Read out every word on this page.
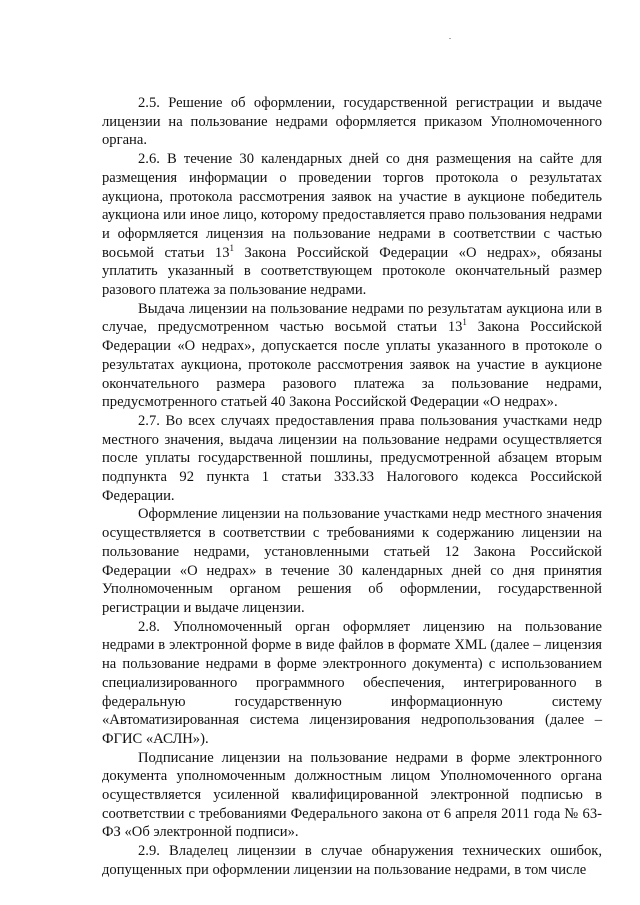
2.5. Решение об оформлении, государственной регистрации и выдаче лицензии на пользование недрами оформляется приказом Уполномоченного органа.

2.6. В течение 30 календарных дней со дня размещения на сайте для размещения информации о проведении торгов протокола о результатах аукциона, протокола рассмотрения заявок на участие в аукционе победитель аукциона или иное лицо, которому предоставляется право пользования недрами и оформляется лицензия на пользование недрами в соответствии с частью восьмой статьи $13^1$ Закона Российской Федерации «О недрах», обязаны уплатить указанный в соответствующем протоколе окончательный размер разового платежа за пользование недрами.

Выдача лицензии на пользование недрами по результатам аукциона или в случае, предусмотренном частью восьмой статьи $13^1$ Закона Российской Федерации «О недрах», допускается после уплаты указанного в протоколе о результатах аукциона, протоколе рассмотрения заявок на участие в аукционе окончательного размера разового платежа за пользование недрами, предусмотренного статьей 40 Закона Российской Федерации «О недрах».

2.7. Во всех случаях предоставления права пользования участками недр местного значения, выдача лицензии на пользование недрами осуществляется после уплаты государственной пошлины, предусмотренной абзацем вторым подпункта 92 пункта 1 статьи 333.33 Налогового кодекса Российской Федерации.

Оформление лицензии на пользование участками недр местного значения осуществляется в соответствии с требованиями к содержанию лицензии на пользование недрами, установленными статьей 12 Закона Российской Федерации «О недрах» в течение 30 календарных дней со дня принятия Уполномоченным органом решения об оформлении, государственной регистрации и выдаче лицензии.

2.8. Уполномоченный орган оформляет лицензию на пользование недрами в электронной форме в виде файлов в формате XML (далее – лицензия на пользование недрами в форме электронного документа) с использованием специализированного программного обеспечения, интегрированного в федеральную государственную информационную систему «Автоматизированная система лицензирования недропользования (далее – ФГИС «АСЛН»).

Подписание лицензии на пользование недрами в форме электронного документа уполномоченным должностным лицом Уполномоченного органа осуществляется усиленной квалифицированной электронной подписью в соответствии с требованиями Федерального закона от 6 апреля 2011 года № 63-ФЗ «Об электронной подписи».

2.9. Владелец лицензии в случае обнаружения технических ошибок, допущенных при оформлении лицензии на пользование недрами, в том числе
